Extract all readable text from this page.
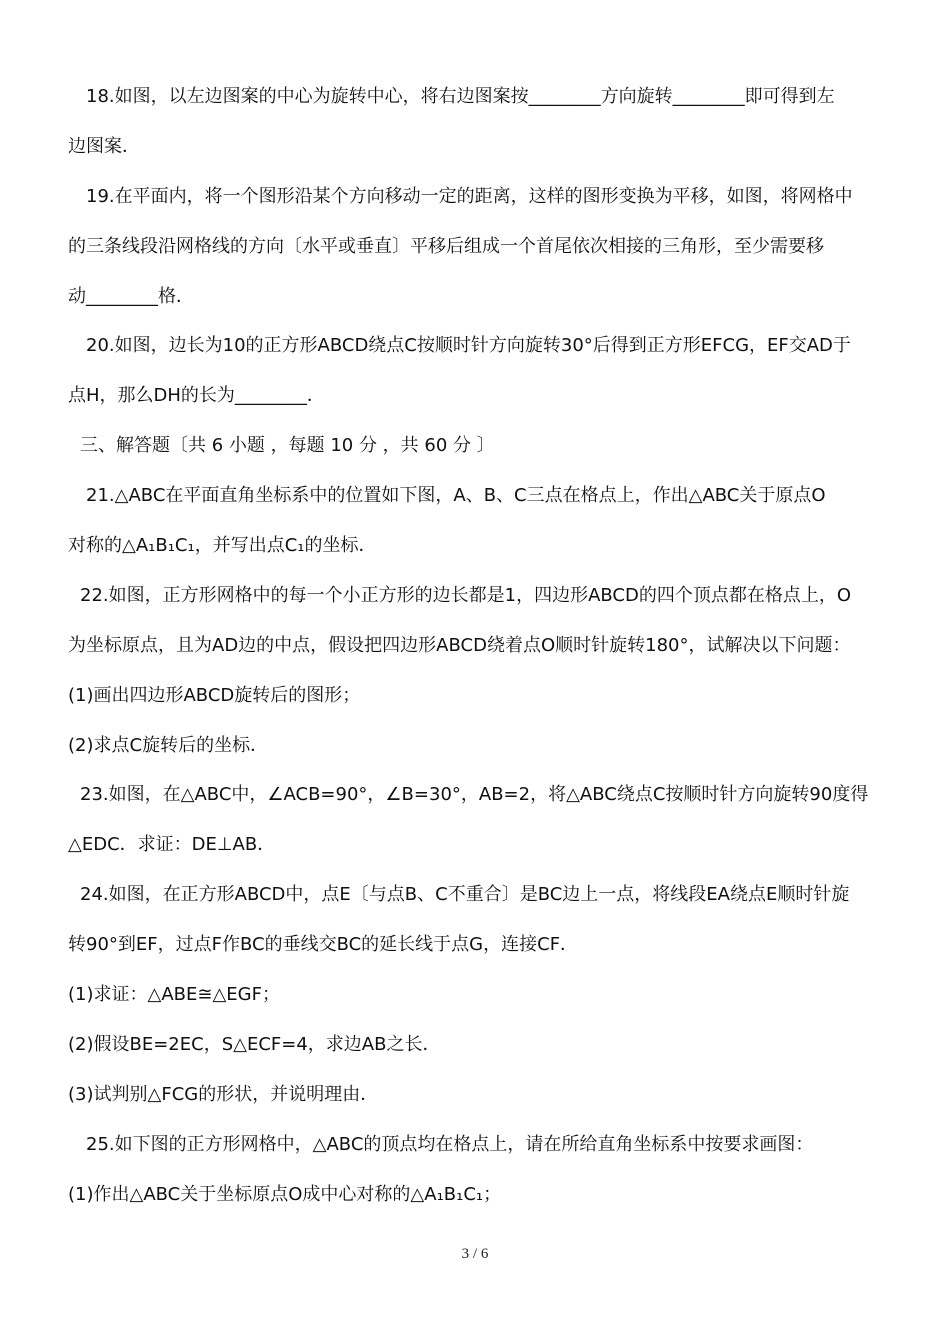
18.如图，以左边图案的中心为旋转中心，将右边图案按________方向旋转________即可得到左
边图案．
19.在平面内，将一个图形沿某个方向移动一定的距离，这样的图形变换为平移，如图，将网格中
的三条线段沿网格线的方向〔水平或垂直〕平移后组成一个首尾依次相接的三角形，至少需要移
动________格．
20.如图，边长为10的正方形ABCD绕点C按顺时针方向旋转30°后得到正方形EFCG，EF交AD于
点H，那么DH的长为________．
三、解答题〔共 6 小题 ，每题 10 分 ，共 60 分 〕
21.△ABC在平面直角坐标系中的位置如下图，A、B、C三点在格点上，作出△ABC关于原点O
对称的△A₁B₁C₁，并写出点C₁的坐标．
22.如图，正方形网格中的每一个小正方形的边长都是1，四边形ABCD的四个顶点都在格点上，O
为坐标原点，且为AD边的中点，假设把四边形ABCD绕着点O顺时针旋转180°，试解决以下问题：
(1)画出四边形ABCD旋转后的图形；
(2)求点C旋转后的坐标．
23.如图，在△ABC中，∠ACB=90°，∠B=30°，AB=2，将△ABC绕点C按顺时针方向旋转90度得
△EDC．求证：DE⊥AB．
24.如图，在正方形ABCD中，点E〔与点B、C不重合〕是BC边上一点，将线段EA绕点E顺时针旋
转90°到EF，过点F作BC的垂线交BC的延长线于点G，连接CF．
(1)求证：△ABE≅△EGF；
(2)假设BE=2EC，S△ECF=4，求边AB之长．
(3)试判别△FCG的形状，并说明理由．
25.如下图的正方形网格中，△ABC的顶点均在格点上，请在所给直角坐标系中按要求画图：
(1)作出△ABC关于坐标原点O成中心对称的△A₁B₁C₁；
3 / 6
